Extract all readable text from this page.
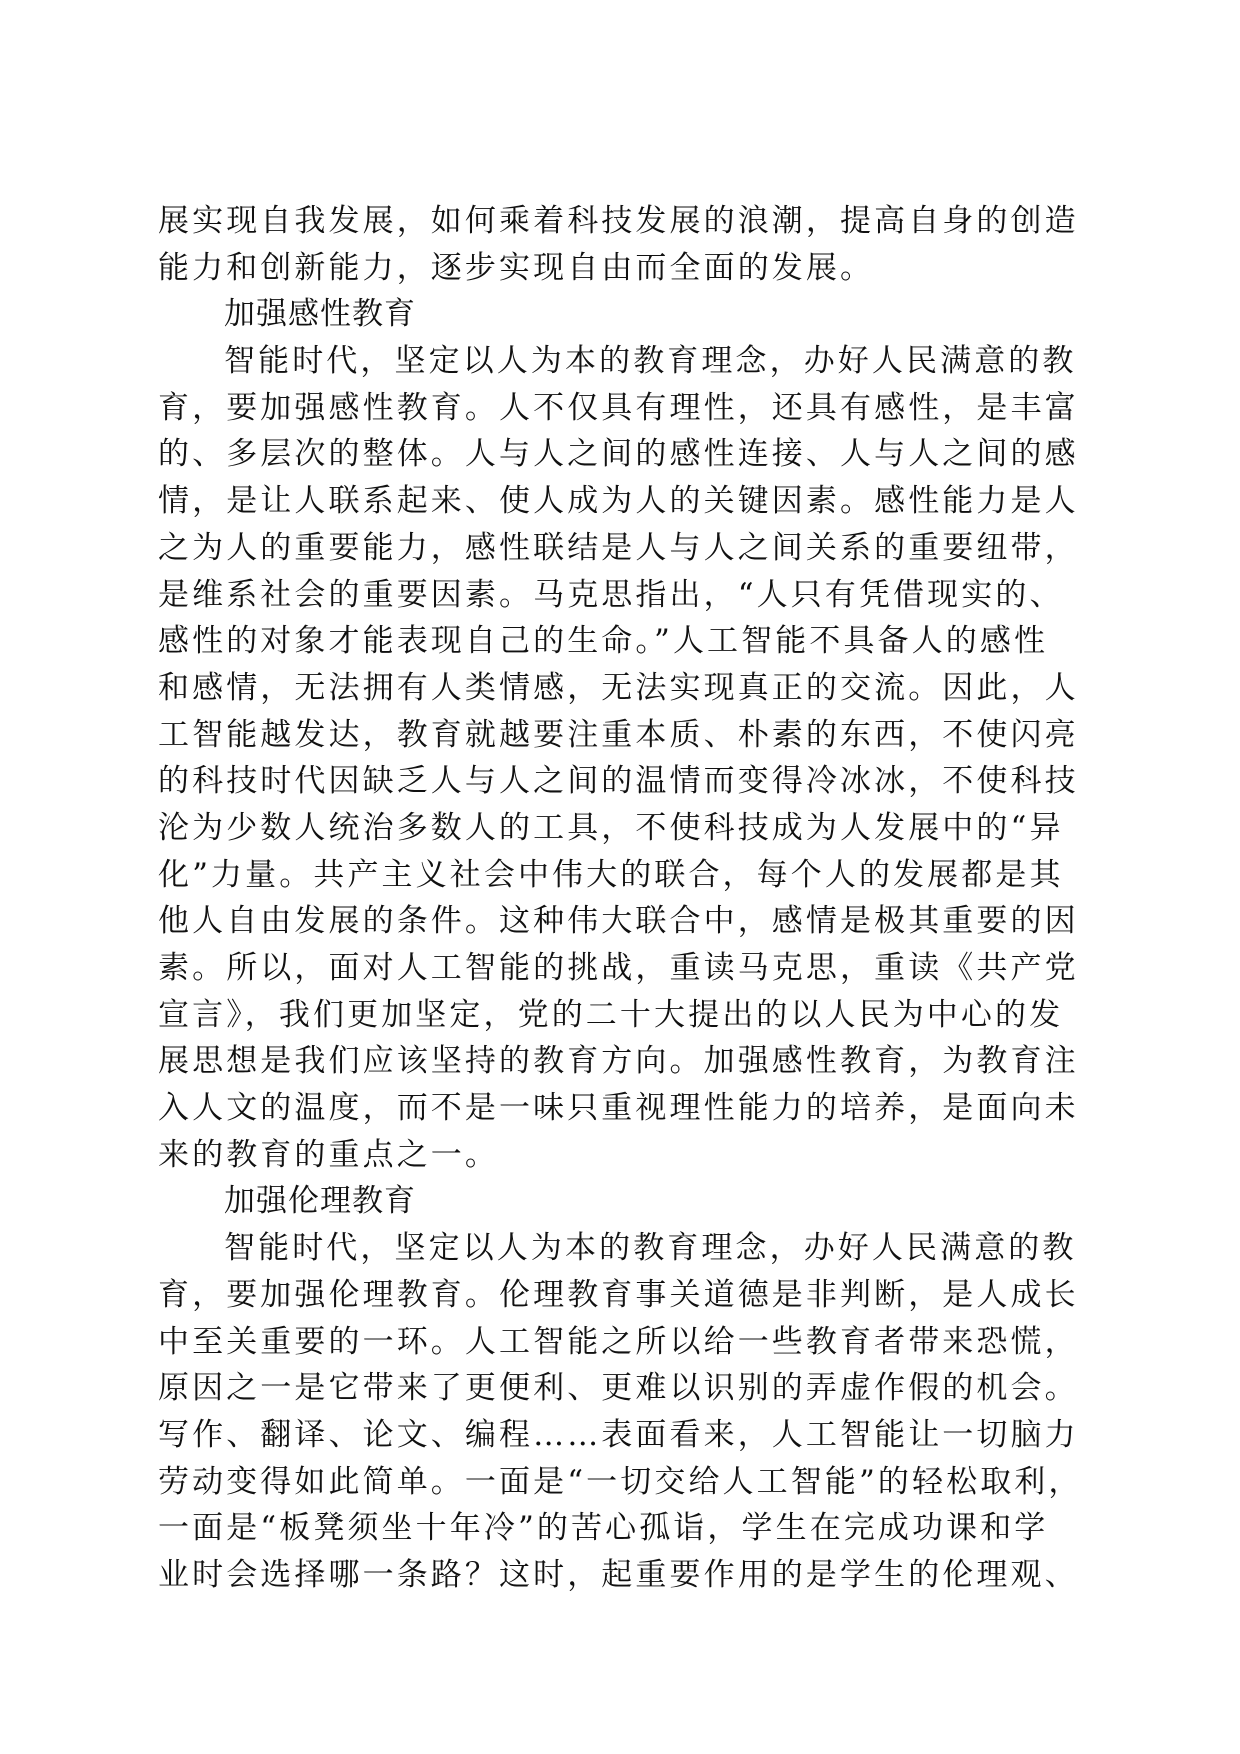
展实现自我发展，如何乘着科技发展的浪潮，提高自身的创造
能力和创新能力，逐步实现自由而全面的发展。
加强感性教育
智能时代，坚定以人为本的教育理念，办好人民满意的教
育，要加强感性教育。人不仅具有理性，还具有感性，是丰富
的、多层次的整体。人与人之间的感性连接、人与人之间的感
情，是让人联系起来、使人成为人的关键因素。感性能力是人
之为人的重要能力，感性联结是人与人之间关系的重要纽带，
是维系社会的重要因素。马克思指出，“人只有凭借现实的、
感性的对象才能表现自己的生命。”人工智能不具备人的感性
和感情，无法拥有人类情感，无法实现真正的交流。因此，人
工智能越发达，教育就越要注重本质、朴素的东西，不使闪亮
的科技时代因缺乏人与人之间的温情而变得冷冰冰，不使科技
沦为少数人统治多数人的工具，不使科技成为人发展中的“异
化”力量。共产主义社会中伟大的联合，每个人的发展都是其
他人自由发展的条件。这种伟大联合中，感情是极其重要的因
素。所以，面对人工智能的挑战，重读马克思，重读《共产党
宣言》，我们更加坚定，党的二十大提出的以人民为中心的发
展思想是我们应该坚持的教育方向。加强感性教育，为教育注
入人文的温度，而不是一味只重视理性能力的培养，是面向未
来的教育的重点之一。
加强伦理教育
智能时代，坚定以人为本的教育理念，办好人民满意的教
育，要加强伦理教育。伦理教育事关道德是非判断，是人成长
中至关重要的一环。人工智能之所以给一些教育者带来恐慌，
原因之一是它带来了更便利、更难以识别的弄虚作假的机会。
写作、翻译、论文、编程……表面看来，人工智能让一切脑力
劳动变得如此简单。一面是“一切交给人工智能”的轻松取利，
一面是“板凳须坐十年冷”的苦心孤诣，学生在完成功课和学
业时会选择哪一条路？这时，起重要作用的是学生的伦理观、
